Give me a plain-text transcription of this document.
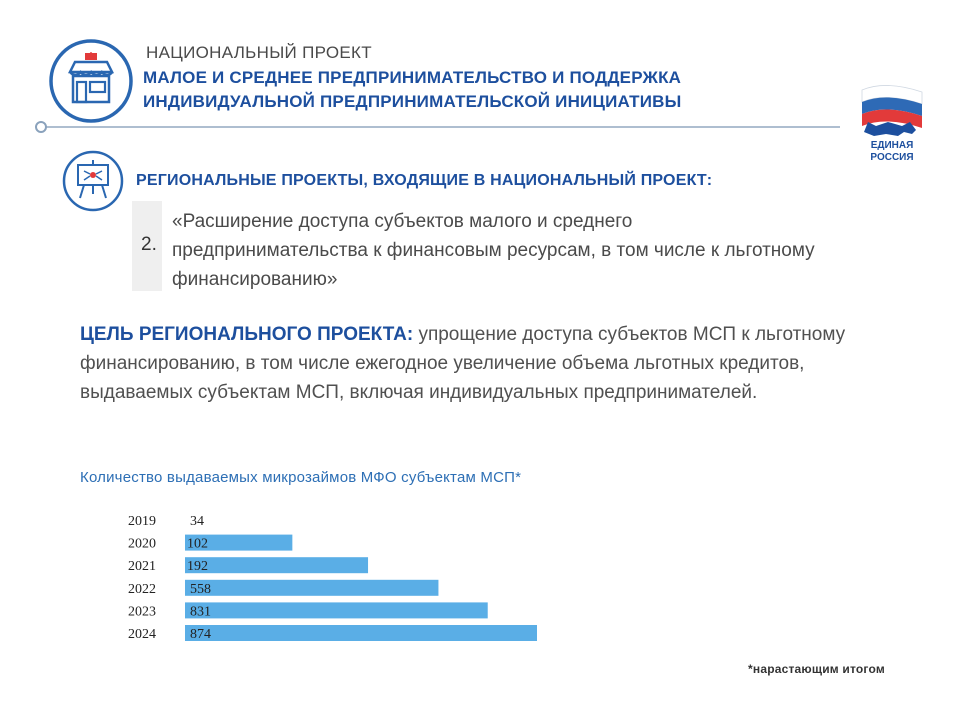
НАЦИОНАЛЬНЫЙ ПРОЕКТ
МАЛОЕ И СРЕДНЕЕ ПРЕДПРИНИМАТЕЛЬСТВО И ПОДДЕРЖКА
ИНДИВИДУАЛЬНОЙ ПРЕДПРИНИМАТЕЛЬСКОЙ ИНИЦИАТИВЫ
ЕДИНАЯ
РОССИЯ
РЕГИОНАЛЬНЫЕ ПРОЕКТЫ, ВХОДЯЩИЕ В НАЦИОНАЛЬНЫЙ ПРОЕКТ:
2.
«Расширение доступа субъектов малого и среднего предпринимательства к финансовым ресурсам, в том числе к льготному финансированию»
ЦЕЛЬ РЕГИОНАЛЬНОГО ПРОЕКТА: упрощение доступа субъектов МСП к льготному финансированию, в том числе ежегодное увеличение объема льготных кредитов, выдаваемых субъектам МСП, включая индивидуальных предпринимателей.
Количество выдаваемых микрозаймов МФО субъектам МСП*
2019 34
2020 102
2021 192
2022 558
2023 831
2024 874
*нарастающим итогом
